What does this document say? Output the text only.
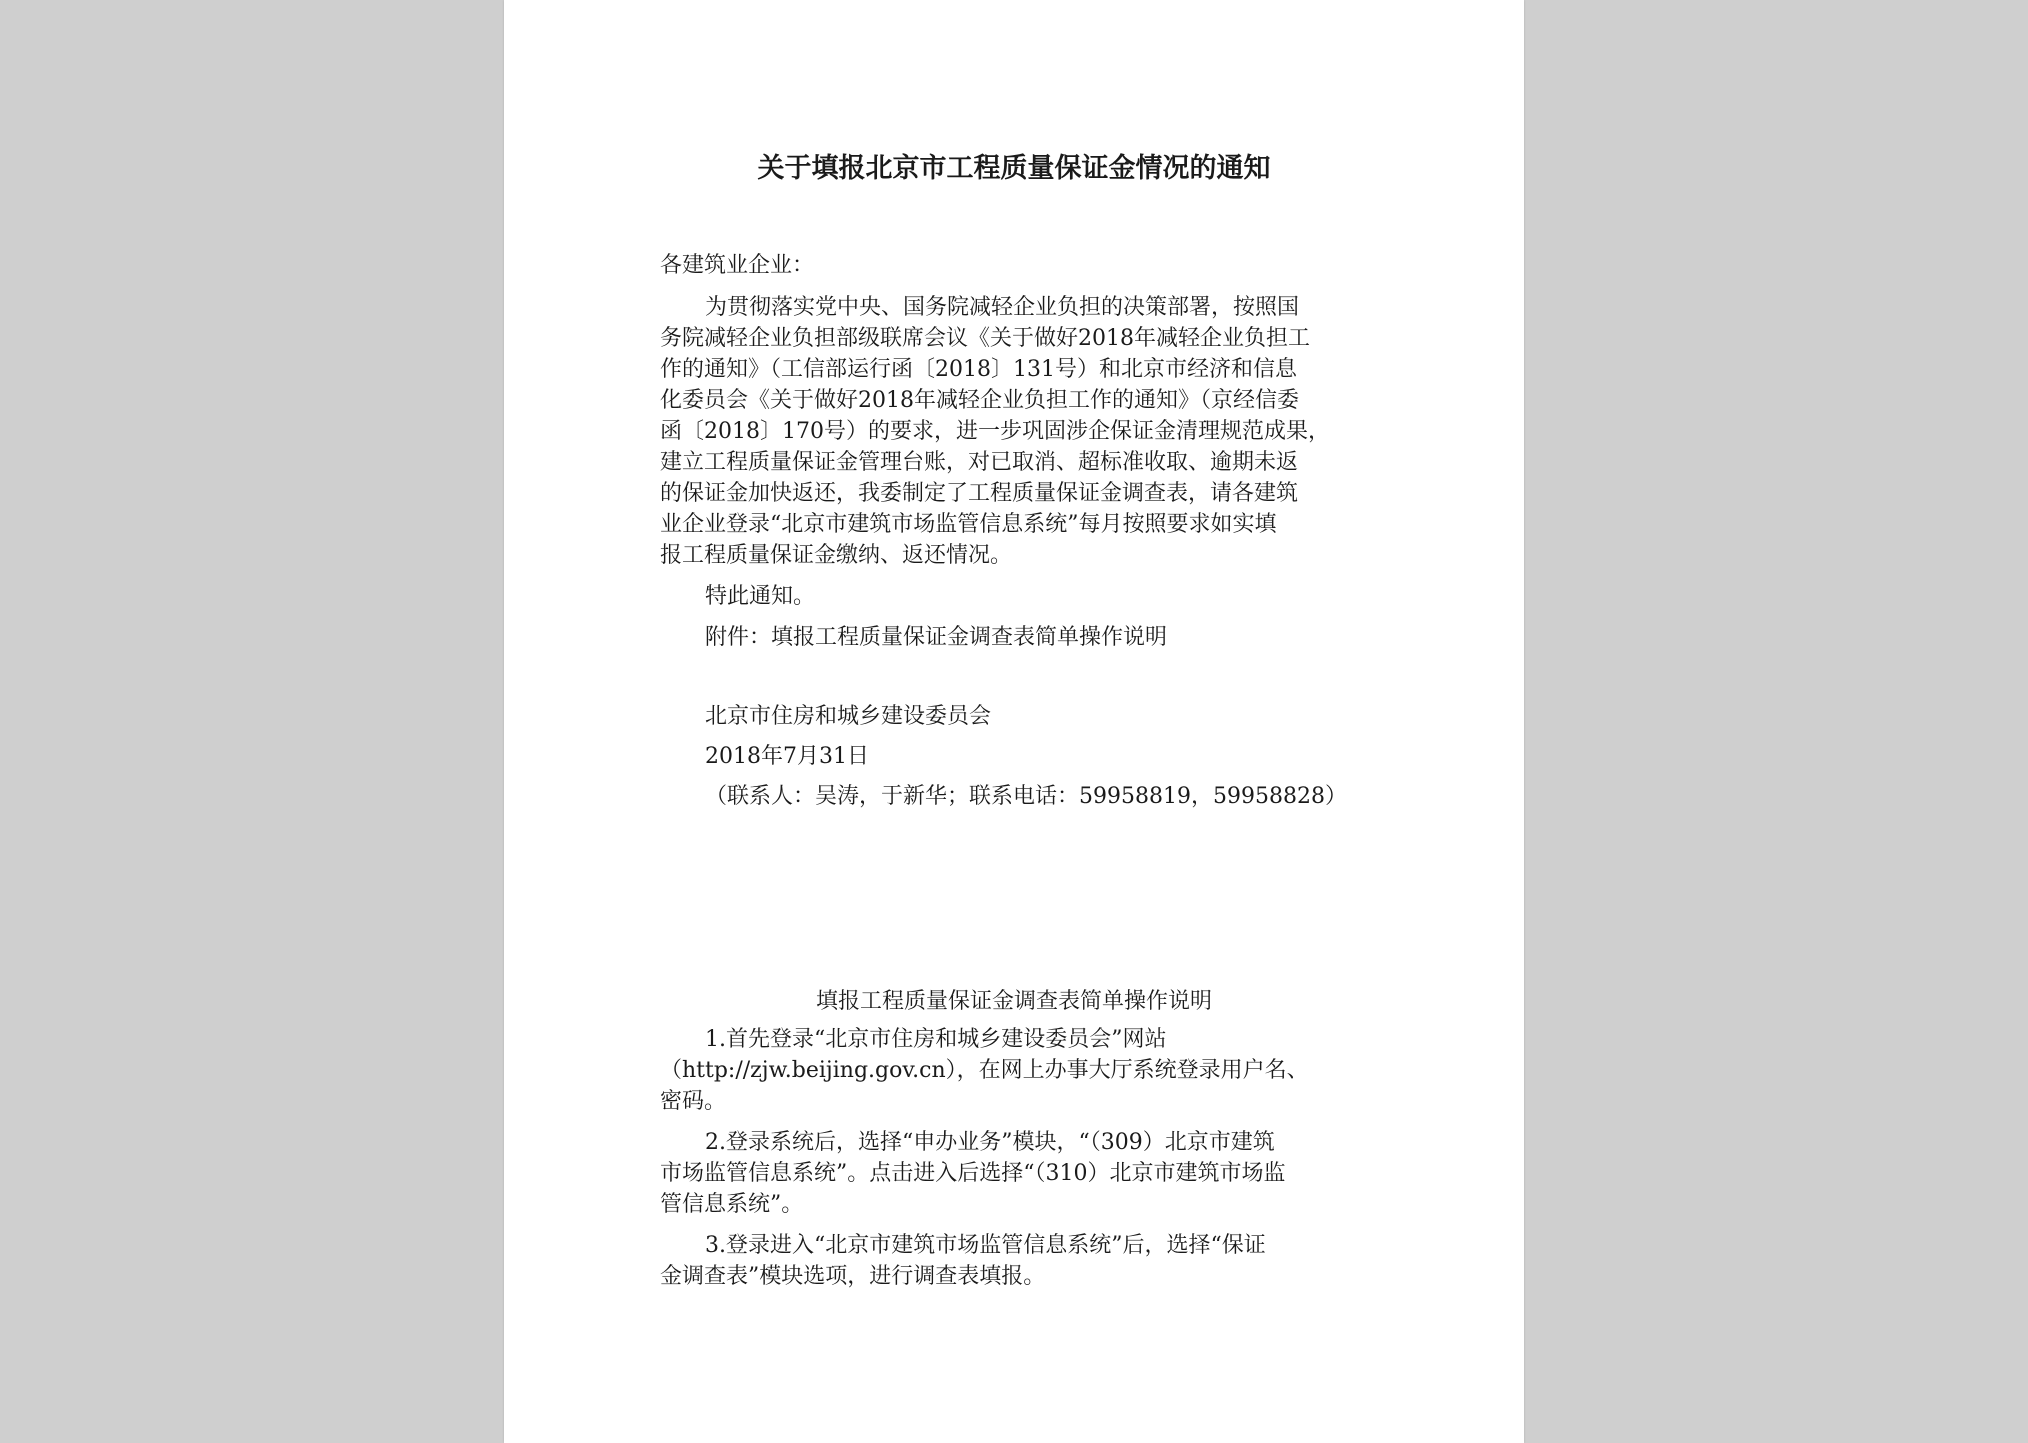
关于填报北京市工程质量保证金情况的通知
各建筑业企业：
为贯彻落实党中央、国务院减轻企业负担的决策部署，按照国
务院减轻企业负担部级联席会议《关于做好2018年减轻企业负担工
作的通知》（工信部运行函〔2018〕131号）和北京市经济和信息
化委员会《关于做好2018年减轻企业负担工作的通知》（京经信委
函〔2018〕170号）的要求，进一步巩固涉企保证金清理规范成果，
建立工程质量保证金管理台账，对已取消、超标准收取、逾期未返
的保证金加快返还，我委制定了工程质量保证金调查表，请各建筑
业企业登录“北京市建筑市场监管信息系统”每月按照要求如实填
报工程质量保证金缴纳、返还情况。
特此通知。
附件：填报工程质量保证金调查表简单操作说明
北京市住房和城乡建设委员会
2018年7月31日
（联系人：吴涛，于新华；联系电话：59958819，59958828）
填报工程质量保证金调查表简单操作说明
1.首先登录“北京市住房和城乡建设委员会”网站
（http://zjw.beijing.gov.cn），在网上办事大厅系统登录用户名、
密码。
2.登录系统后，选择“申办业务”模块，“（309）北京市建筑
市场监管信息系统”。点击进入后选择“（310）北京市建筑市场监
管信息系统”。
3.登录进入“北京市建筑市场监管信息系统”后，选择“保证
金调查表”模块选项，进行调查表填报。
